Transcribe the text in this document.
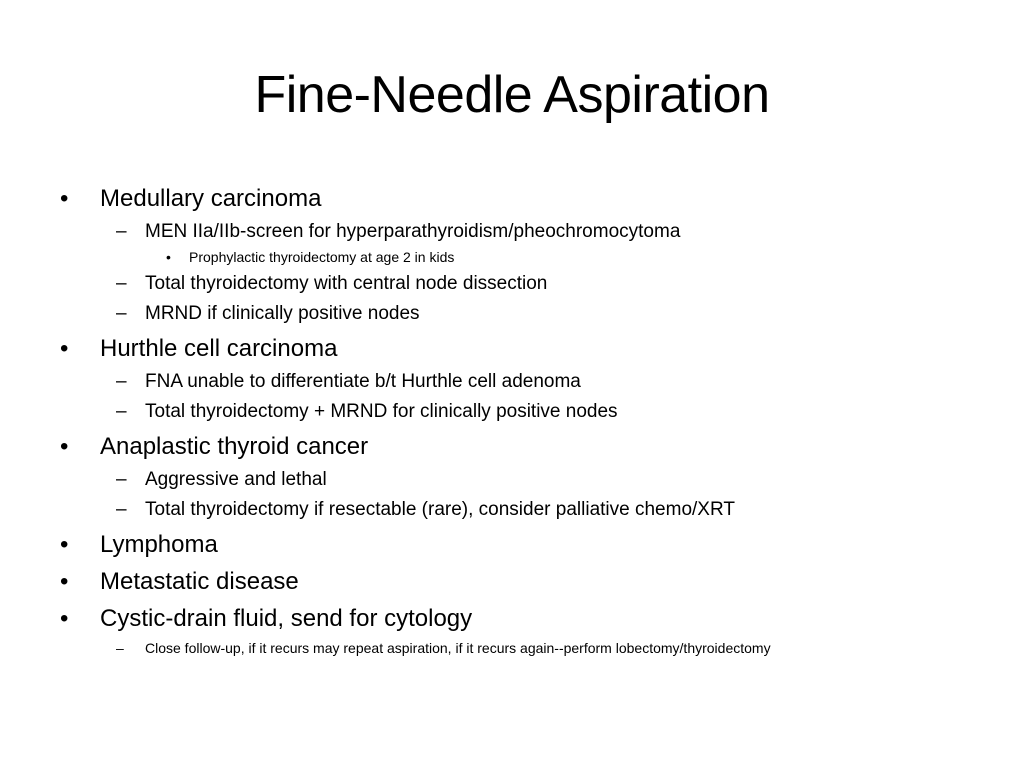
Fine-Needle Aspiration
• Medullary carcinoma
– MEN IIa/IIb-screen for hyperparathyroidism/pheochromocytoma
• Prophylactic thyroidectomy at age 2 in kids
– Total thyroidectomy with central node dissection
– MRND if clinically positive nodes
• Hurthle cell carcinoma
– FNA unable to differentiate b/t Hurthle cell adenoma
– Total thyroidectomy + MRND for clinically positive nodes
• Anaplastic thyroid cancer
– Aggressive and lethal
– Total thyroidectomy if resectable (rare), consider palliative chemo/XRT
• Lymphoma
• Metastatic disease
• Cystic-drain fluid, send for cytology
– Close follow-up, if it recurs may repeat aspiration, if it recurs again--perform lobectomy/thyroidectomy
